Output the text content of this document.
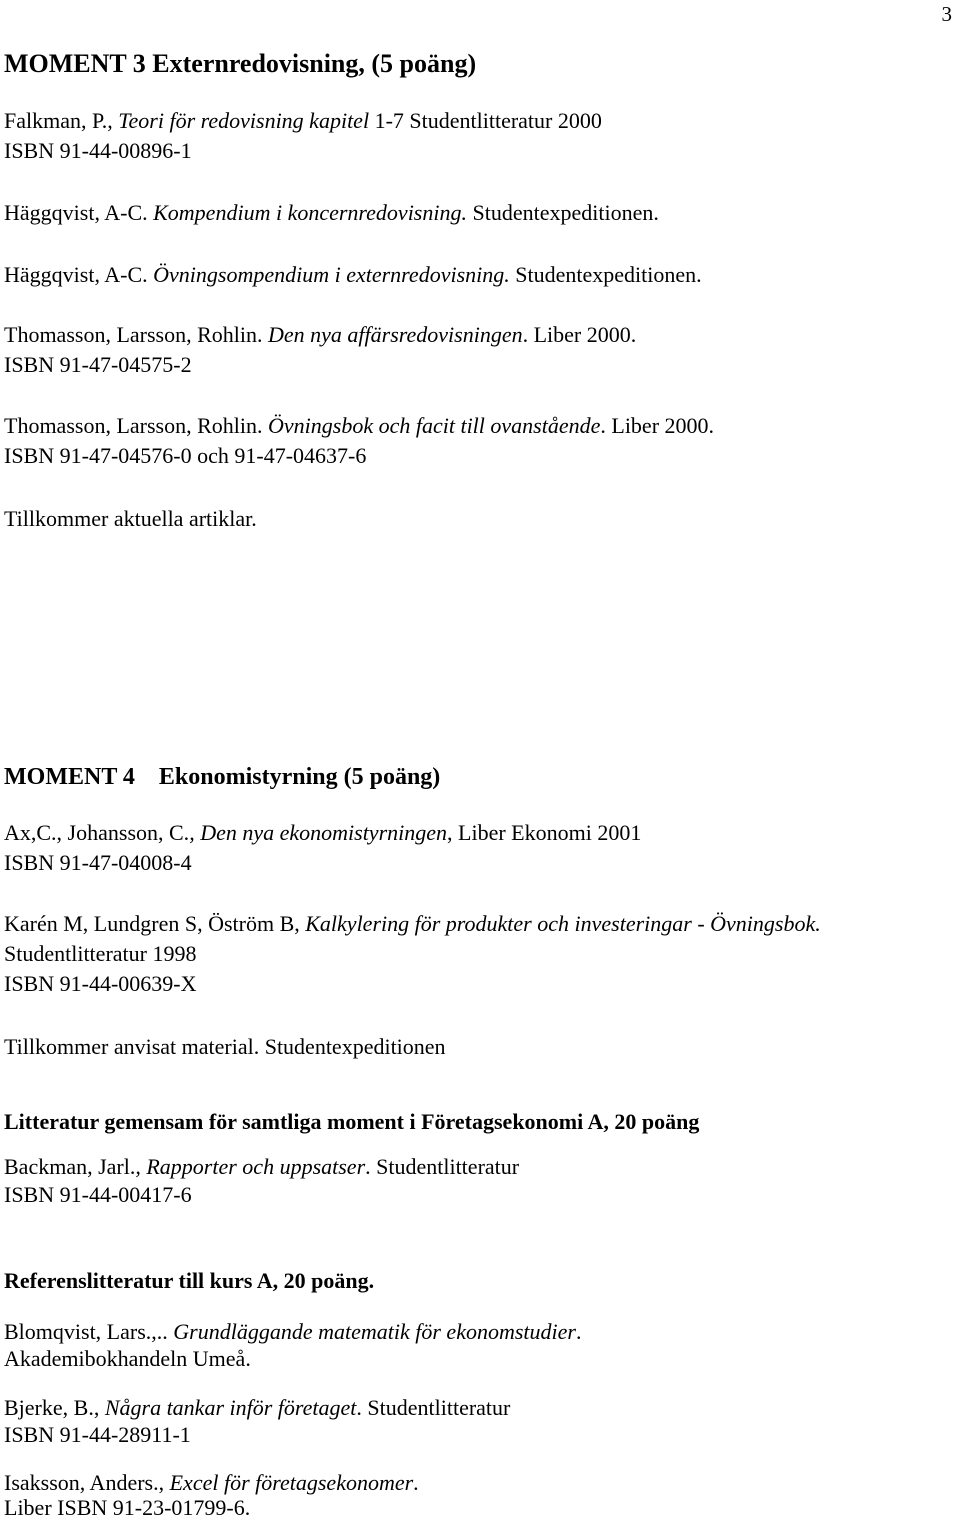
3
MOMENT 3 Externredovisning, (5 poäng)
Falkman, P., Teori för redovisning kapitel 1-7 Studentlitteratur 2000
ISBN 91-44-00896-1
Häggqvist, A-C. Kompendium i koncernredovisning. Studentexpeditionen.
Häggqvist, A-C. Övningsompendium i externredovisning. Studentexpeditionen.
Thomasson, Larsson, Rohlin. Den nya affärsredovisningen. Liber 2000.
ISBN 91-47-04575-2
Thomasson, Larsson, Rohlin. Övningsbok och facit till ovanstående. Liber 2000.
ISBN 91-47-04576-0 och 91-47-04637-6
Tillkommer aktuella artiklar.
MOMENT 4 Ekonomistyrning (5 poäng)
Ax,C., Johansson, C., Den nya ekonomistyrningen, Liber Ekonomi 2001
ISBN 91-47-04008-4
Karén M, Lundgren S, Öström B, Kalkylering för produkter och investeringar - Övningsbok.
Studentlitteratur 1998
ISBN 91-44-00639-X
Tillkommer anvisat material. Studentexpeditionen
Litteratur gemensam för samtliga moment i Företagsekonomi A, 20 poäng
Backman, Jarl., Rapporter och uppsatser. Studentlitteratur
ISBN 91-44-00417-6
Referenslitteratur till kurs A, 20 poäng.
Blomqvist, Lars.,.. Grundläggande matematik för ekonomstudier.
Akademibokhandeln Umeå.
Bjerke, B., Några tankar inför företaget. Studentlitteratur
ISBN 91-44-28911-1
Isaksson, Anders., Excel för företagsekonomer.
Liber ISBN 91-23-01799-6.
